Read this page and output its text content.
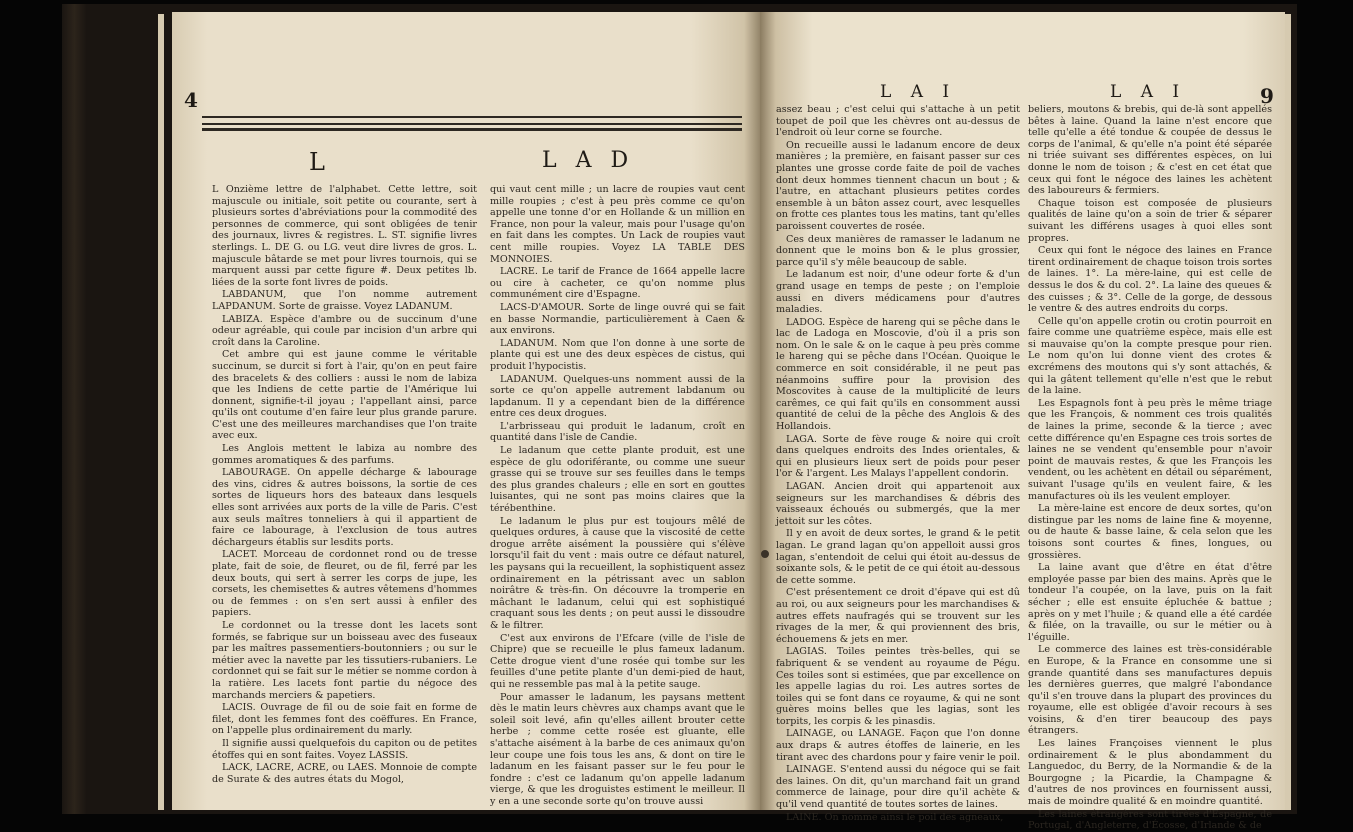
4
L	L A D

L Onzième lettre de l'alphabet. Cette lettre, soit majuscule ou initiale, soit petite ou courante, sert à plusieurs sortes d'abréviations pour la commodité des personnes de commerce, qui sont obligées de tenir des journaux, livres & registres. L. ST. signifie livres sterlings. L. DE G. ou LG. veut dire livres de gros. L. majuscule bâtarde se met pour livres tournois, qui se marquent aussi par cette figure #. Deux petites lb. liées de la sorte font livres de poids.

LABDANUM, que l'on nomme autrement LAPDANUM. Sorte de graisse. Voyez LADANUM.

LABIZA. Espèce d'ambre ou de succinum d'une odeur agréable, qui coule par incision d'un arbre qui croît dans la Caroline.

Cet ambre qui est jaune comme le véritable succinum, se durcit si fort à l'air, qu'on en peut faire des bracelets & des colliers : aussi le nom de labiza que les Indiens de cette partie de l'Amérique lui donnent, signifie-t-il joyau ; l'appellant ainsi, parce qu'ils ont coutume d'en faire leur plus grande parure. C'est une des meilleures marchandises que l'on traite avec eux.

Les Anglois mettent le labiza au nombre des gommes aromatiques & des parfums.

LABOURAGE. On appelle décharge & labourage des vins, cidres & autres boissons, la sortie de ces sortes de liqueurs hors des bateaux dans lesquels elles sont arrivées aux ports de la ville de Paris. C'est aux seuls maîtres tonneliers à qui il appartient de faire ce labourage, à l'exclusion de tous autres déchargeurs établis sur lesdits ports.

LACET. Morceau de cordonnet rond ou de tresse plate, fait de soie, de fleuret, ou de fil, ferré par les deux bouts, qui sert à serrer les corps de jupe, les corsets, les chemisettes & autres vêtemens d'hommes ou de femmes : on s'en sert aussi à enfiler des papiers.

Le cordonnet ou la tresse dont les lacets sont formés, se fabrique sur un boisseau avec des fuseaux par les maîtres passementiers-boutonniers ; ou sur le métier avec la navette par les tissutiers-rubaniers. Le cordonnet qui se fait sur le métier se nomme cordon à la ratière. Les lacets font partie du négoce des marchands merciers & papetiers.

LACIS. Ouvrage de fil ou de soie fait en forme de filet, dont les femmes font des coëffures. En France, on l'appelle plus ordinairement du marly.

Il signifie aussi quelquefois du capiton ou de petites étoffes qui en sont faites. Voyez LASSIS.

LACK, LACRE, ACRE, ou LAES. Monnoie de compte de Surate & des autres états du Mogol,

qui vaut cent mille ; un lacre de roupies vaut cent mille roupies ; c'est à peu près comme ce qu'on appelle une tonne d'or en Hollande & un million en France, non pour la valeur, mais pour l'usage qu'on en fait dans les comptes. Un Lack de roupies vaut cent mille roupies. Voyez LA TABLE DES MONNOIES.

LACRE. Le tarif de France de 1664 appelle lacre ou cire à cacheter, ce qu'on nomme plus communément cire d'Espagne.

LACS-D'AMOUR. Sorte de linge ouvré qui se fait en basse Normandie, particulièrement à Caen & aux environs.

LADANUM. Nom que l'on donne à une sorte de plante qui est une des deux espèces de cistus, qui produit l'hypocistis.

LADANUM. Quelques-uns nomment aussi de la sorte ce qu'on appelle autrement labdanum ou lapdanum. Il y a cependant bien de la différence entre ces deux drogues.

L'arbrisseau qui produit le ladanum, croît en quantité dans l'isle de Candie.

Le ladanum que cette plante produit, est une espèce de glu odoriférante, ou comme une sueur grasse qui se trouve sur ses feuilles dans le temps des plus grandes chaleurs ; elle en sort en gouttes luisantes, qui ne sont pas moins claires que la térébenthine.

Le ladanum le plus pur est toujours mêlé de quelques ordures, à cause que la viscosité de cette drogue arrête aisément la poussière qui s'élève lorsqu'il fait du vent : mais outre ce défaut naturel, les paysans qui la recueillent, la sophistiquent assez ordinairement en la pétrissant avec un sablon noirâtre & très-fin. On découvre la tromperie en mâchant le ladanum, celui qui est sophistiqué craquant sous les dents ; on peut aussi le dissoudre & le filtrer.

C'est aux environs de l'Efcare (ville de l'isle de Chipre) que se recueille le plus fameux ladanum. Cette drogue vient d'une rosée qui tombe sur les feuilles d'une petite plante d'un demi-pied de haut, qui ne ressemble pas mal à la petite sauge.

Pour amasser le ladanum, les paysans mettent dès le matin leurs chèvres aux champs avant que le soleil soit levé, afin qu'elles aillent brouter cette herbe ; comme cette rosée est gluante, elle s'attache aisément à la barbe de ces animaux qu'on leur coupe une fois tous les ans, & dont on tire le ladanum en les faisant passer sur le feu pour le fondre : c'est ce ladanum qu'on appelle ladanum vierge, & que les droguistes estiment le meilleur. Il y en a une seconde sorte qu'on trouve aussi

L A I	L A I	9

assez beau ; c'est celui qui s'attache à un petit toupet de poil que les chèvres ont au-dessus de l'endroit où leur corne se fourche.

On recueille aussi le ladanum encore de deux manières ; la première, en faisant passer sur ces plantes une grosse corde faite de poil de vaches dont deux hommes tiennent chacun un bout ; & l'autre, en attachant plusieurs petites cordes ensemble à un bâton assez court, avec lesquelles on frotte ces plantes tous les matins, tant qu'elles paroissent couvertes de rosée.

Ces deux manières de ramasser le ladanum ne donnent que le moins bon & le plus grossier, parce qu'il s'y mêle beaucoup de sable.

Le ladanum est noir, d'une odeur forte & d'un grand usage en temps de peste ; on l'emploie aussi en divers médicamens pour d'autres maladies.

LADOG. Espèce de hareng qui se pêche dans le lac de Ladoga en Moscovie, d'où il a pris son nom. On le sale & on le caque à peu près comme le hareng qui se pêche dans l'Océan. Quoique le commerce en soit considérable, il ne peut pas néanmoins suffire pour la provision des Moscovites à cause de la multiplicité de leurs carêmes, ce qui fait qu'ils en consomment aussi quantité de celui de la pêche des Anglois & des Hollandois.

LAGA. Sorte de fève rouge & noire qui croît dans quelques endroits des Indes orientales, & qui en plusieurs lieux sert de poids pour peser l'or & l'argent. Les Malays l'appellent condorin.

LAGAN. Ancien droit qui appartenoit aux seigneurs sur les marchandises & débris des vaisseaux échoués ou submergés, que la mer jettoit sur les côtes.

Il y en avoit de deux sortes, le grand & le petit lagan. Le grand lagan qu'on appelloit aussi gros lagan, s'entendoit de celui qui étoit au-dessus de soixante sols, & le petit de ce qui étoit au-dessous de cette somme.

C'est présentement ce droit d'épave qui est dû au roi, ou aux seigneurs pour les marchandises & autres effets naufragés qui se trouvent sur les rivages de la mer, & qui proviennent des bris, échouemens & jets en mer.

LAGIAS. Toiles peintes très-belles, qui se fabriquent & se vendent au royaume de Pégu. Ces toiles sont si estimées, que par excellence on les appelle lagias du roi. Les autres sortes de toiles qui se font dans ce royaume, & qui ne sont guères moins belles que les lagias, sont les torpits, les corpis & les pinasdis.

LAINAGE, ou LANAGE. Façon que l'on donne aux draps & autres étoffes de lainerie, en les tirant avec des chardons pour y faire venir le poil.

LAINAGE. S'entend aussi du négoce qui se fait des laines. On dit, qu'un marchand fait un grand commerce de lainage, pour dire qu'il achète & qu'il vend quantité de toutes sortes de laines.

LAINE. On nomme ainsi le poil des agneaux,

beliers, moutons & brebis, qui de-là sont appellés bêtes à laine. Quand la laine n'est encore que telle qu'elle a été tondue & coupée de dessus le corps de l'animal, & qu'elle n'a point été séparée ni triée suivant ses différentes espèces, on lui donne le nom de toison ; & c'est en cet état que ceux qui font le négoce des laines les achètent des laboureurs & fermiers.

Chaque toison est composée de plusieurs qualités de laine qu'on a soin de trier & séparer suivant les différens usages à quoi elles sont propres.

Ceux qui font le négoce des laines en France tirent ordinairement de chaque toison trois sortes de laines. 1°. La mère-laine, qui est celle de dessus le dos & du col. 2°. La laine des queues & des cuisses ; & 3°. Celle de la gorge, de dessous le ventre & des autres endroits du corps.

Celle qu'on appelle crotin ou crotin pourroit en faire comme une quatrième espèce, mais elle est si mauvaise qu'on la compte presque pour rien. Le nom qu'on lui donne vient des crotes & excrémens des moutons qui s'y sont attachés, & qui la gâtent tellement qu'elle n'est que le rebut de la laine.

Les Espagnols font à peu près le même triage que les François, & nomment ces trois qualités de laines la prime, seconde & la tierce ; avec cette différence qu'en Espagne ces trois sortes de laines ne se vendent qu'ensemble pour n'avoir point de mauvais restes, & que les François les vendent, ou les achètent en détail ou séparément, suivant l'usage qu'ils en veulent faire, & les manufactures où ils les veulent employer.

La mère-laine est encore de deux sortes, qu'on distingue par les noms de laine fine & moyenne, ou de haute & basse laine, & cela selon que les toisons sont courtes & fines, longues, ou grossières.

La laine avant que d'être en état d'être employée passe par bien des mains. Après que le tondeur l'a coupée, on la lave, puis on la fait sécher ; elle est ensuite épluchée & battue ; après on y met l'huile ; & quand elle a été cardée & filée, on la travaille, ou sur le métier ou à l'éguille.

Le commerce des laines est très-considérable en Europe, & la France en consomme une si grande quantité dans ses manufactures depuis les dernières guerres, que malgré l'abondance qu'il s'en trouve dans la plupart des provinces du royaume, elle est obligée d'avoir recours à ses voisins, & d'en tirer beaucoup des pays étrangers.

Les laines Françoises viennent le plus ordinairement & le plus abondamment du Languedoc, du Berry, de la Normandie & de la Bourgogne ; la Picardie, la Champagne & d'autres de nos provinces en fournissent aussi, mais de moindre qualité & en moindre quantité.

Les laines étrangères sont tirées d'Espagne, de Portugal, d'Angleterre, d'Écosse, d'Irlande & de
